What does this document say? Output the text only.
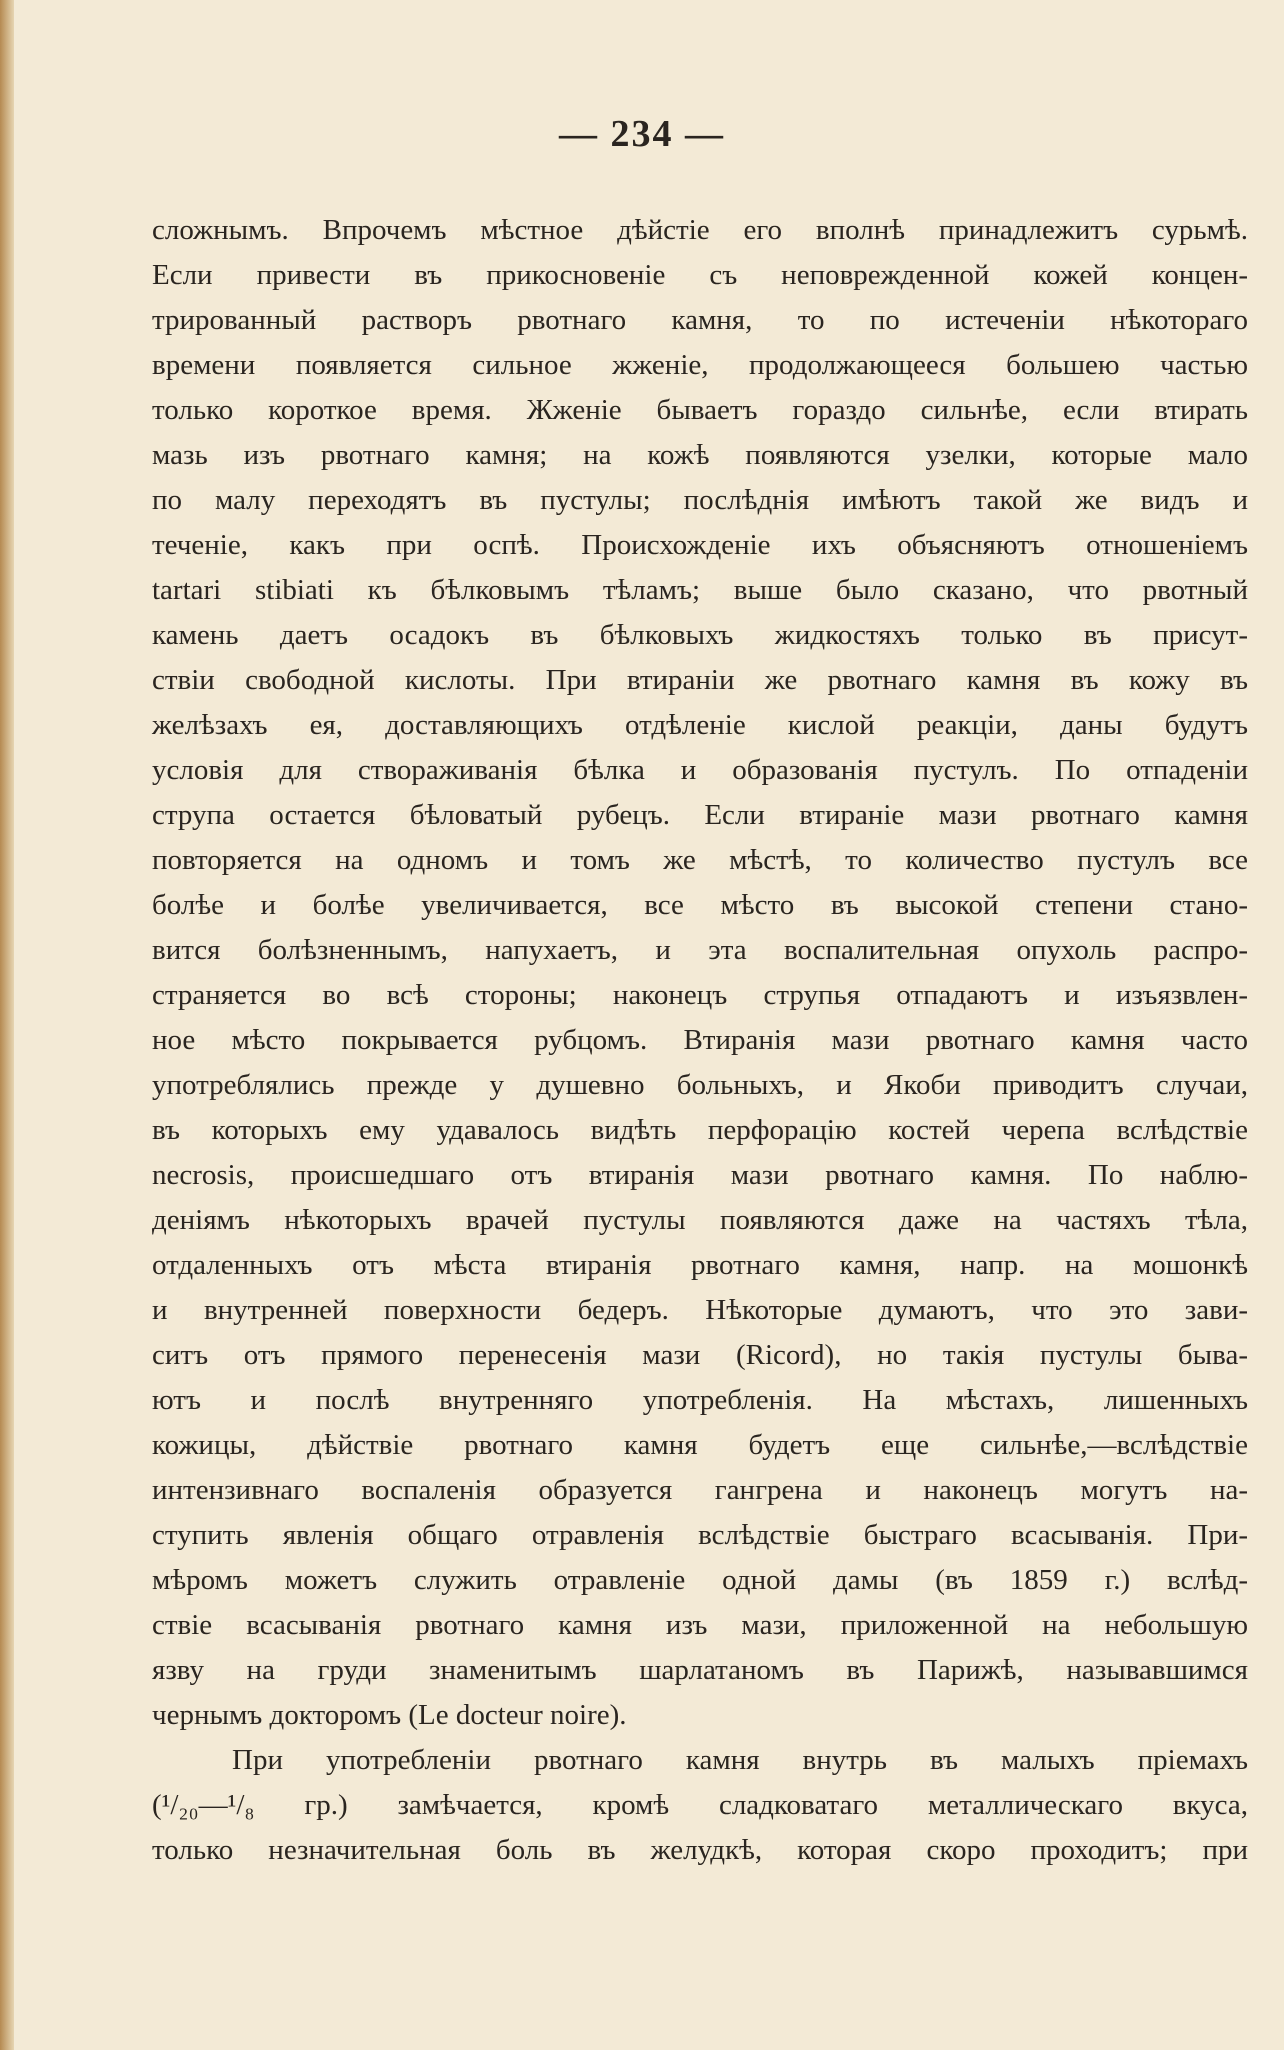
— 234 —
сложнымъ. Впрочемъ мѣстное дѣйстіе его вполнѣ принадлежитъ сурьмѣ.
Если привести въ прикосновеніе съ неповрежденной кожей концен-
трированный растворъ рвотнаго камня, то по истеченіи нѣкотораго
времени появляется сильное жженіе, продолжающееся большею частью
только короткое время. Жженіе бываетъ гораздо сильнѣе, если втирать
мазь изъ рвотнаго камня; на кожѣ появляются узелки, которые мало
по малу переходятъ въ пустулы; послѣднія имѣютъ такой же видъ и
теченіе, какъ при оспѣ. Происхожденіе ихъ объясняютъ отношеніемъ
tartari stibiati къ бѣлковымъ тѣламъ; выше было сказано, что рвотный
камень даетъ осадокъ въ бѣлковыхъ жидкостяхъ только въ присут-
ствіи свободной кислоты. При втираніи же рвотнаго камня въ кожу въ
желѣзахъ ея, доставляющихъ отдѣленіе кислой реакціи, даны будутъ
условія для створаживанія бѣлка и образованія пустулъ. По отпаденіи
струпа остается бѣловатый рубецъ. Если втираніе мази рвотнаго камня
повторяется на одномъ и томъ же мѣстѣ, то количество пустулъ все
болѣе и болѣе увеличивается, все мѣсто въ высокой степени стано-
вится болѣзненнымъ, напухаетъ, и эта воспалительная опухоль распро-
страняется во всѣ стороны; наконецъ струпья отпадаютъ и изъязвлен-
ное мѣсто покрывается рубцомъ. Втиранія мази рвотнаго камня часто
употреблялись прежде у душевно больныхъ, и Якоби приводитъ случаи,
въ которыхъ ему удавалось видѣть перфорацію костей черепа вслѣдствіе
necrosis, происшедшаго отъ втиранія мази рвотнаго камня. По наблю-
деніямъ нѣкоторыхъ врачей пустулы появляются даже на частяхъ тѣла,
отдаленныхъ отъ мѣста втиранія рвотнаго камня, напр. на мошонкѣ
и внутренней поверхности бедеръ. Нѣкоторые думаютъ, что это зави-
ситъ отъ прямого перенесенія мази (Ricord), но такія пустулы быва-
ютъ и послѣ внутренняго употребленія. На мѣстахъ, лишенныхъ
кожицы, дѣйствіе рвотнаго камня будетъ еще сильнѣе,—вслѣдствіе
интензивнаго воспаленія образуется гангрена и наконецъ могутъ на-
ступить явленія общаго отравленія вслѣдствіе быстраго всасыванія. При-
мѣромъ можетъ служить отравленіе одной дамы (въ 1859 г.) вслѣд-
ствіе всасыванія рвотнаго камня изъ мази, приложенной на небольшую
язву на груди знаменитымъ шарлатаномъ въ Парижѣ, называвшимся
чернымъ докторомъ (Le docteur noire).
При употребленіи рвотнаго камня внутрь въ малыхъ пріемахъ
(¹/₂₀—¹/₈ гр.) замѣчается, кромѣ сладковатаго металлическаго вкуса,
только незначительная боль въ желудкѣ, которая скоро проходитъ; при
